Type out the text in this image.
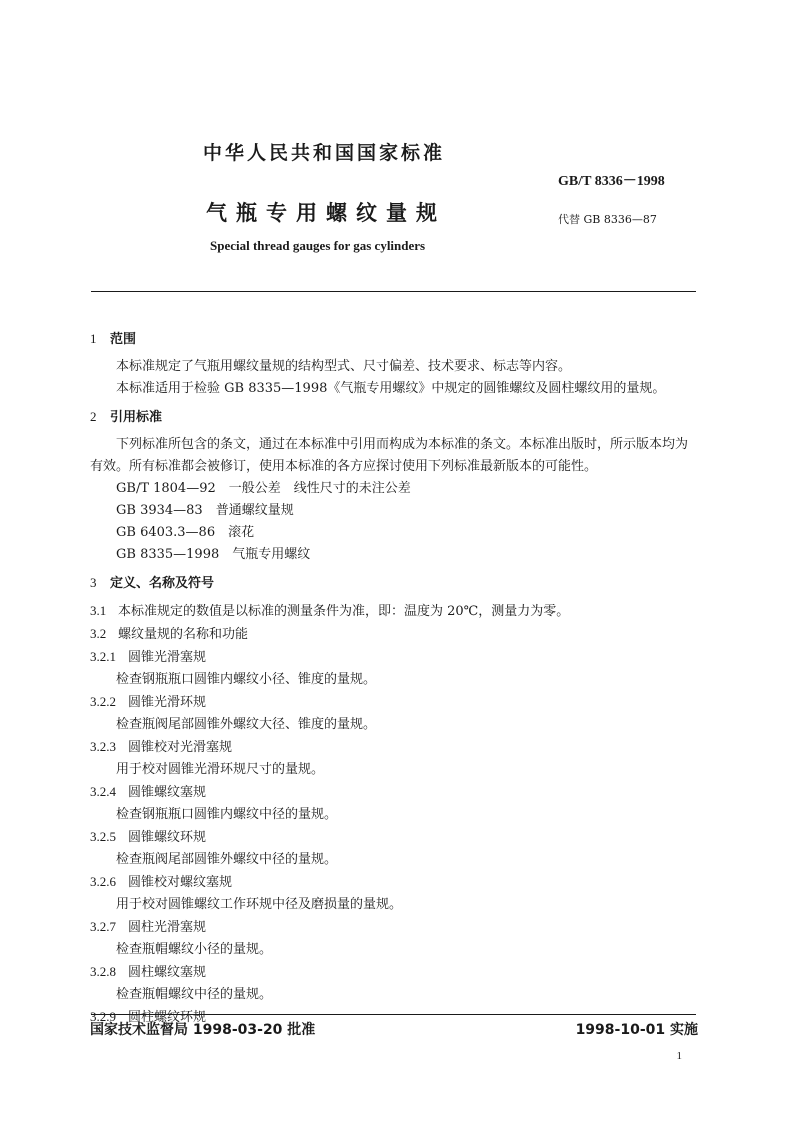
中华人民共和国国家标准
GB/T 8336－1998
气瓶专用螺纹量规	代替 GB 8336—87
Special thread gauges for gas cylinders
1 范围
本标准规定了气瓶用螺纹量规的结构型式、尺寸偏差、技术要求、标志等内容。
本标准适用于检验 GB 8335—1998《气瓶专用螺纹》中规定的圆锥螺纹及圆柱螺纹用的量规。
2 引用标准
下列标准所包含的条文，通过在本标准中引用而构成为本标准的条文。本标准出版时，所示版本均为有效。所有标准都会被修订，使用本标准的各方应探讨使用下列标准最新版本的可能性。
GB/T 1804—92　一般公差　线性尺寸的未注公差
GB 3934—83　普通螺纹量规
GB 6403.3—86　滚花
GB 8335—1998　气瓶专用螺纹
3 定义、名称及符号
3.1 本标准规定的数值是以标准的测量条件为准，即：温度为 20℃，测量力为零。
3.2 螺纹量规的名称和功能
3.2.1 圆锥光滑塞规
检查钢瓶瓶口圆锥内螺纹小径、锥度的量规。
3.2.2 圆锥光滑环规
检查瓶阀尾部圆锥外螺纹大径、锥度的量规。
3.2.3 圆锥校对光滑塞规
用于校对圆锥光滑环规尺寸的量规。
3.2.4 圆锥螺纹塞规
检查钢瓶瓶口圆锥内螺纹中径的量规。
3.2.5 圆锥螺纹环规
检查瓶阀尾部圆锥外螺纹中径的量规。
3.2.6 圆锥校对螺纹塞规
用于校对圆锥螺纹工作环规中径及磨损量的量规。
3.2.7 圆柱光滑塞规
检查瓶帽螺纹小径的量规。
3.2.8 圆柱螺纹塞规
检查瓶帽螺纹中径的量规。
3.2.9 圆柱螺纹环规
国家技术监督局 1998-03-20 批准	1998-10-01 实施
1
